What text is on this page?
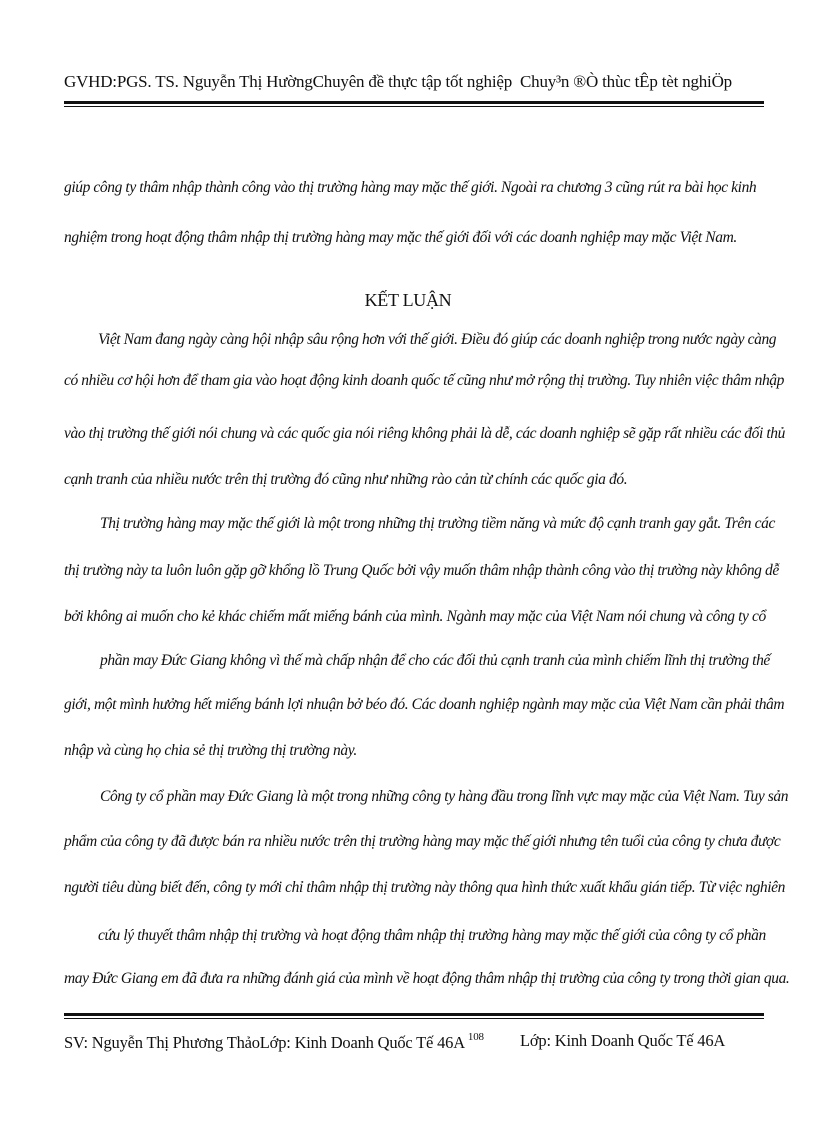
GVHD:PGS. TS. Nguyễn Thị HườngChuyên đề thực tập tốt nghiệp Chuy³n ®Ò thùc tÊp tèt nghiÖp
giúp công ty thâm nhập thành công vào thị trường hàng may mặc thế giới. Ngoài ra chương 3 cũng rút ra bài học kinh
nghiệm trong hoạt động thâm nhập thị trường hàng may mặc thế giới đối với các doanh nghiệp may mặc Việt Nam.
KẾT LUẬN
Việt Nam đang ngày càng hội nhập sâu rộng hơn với thế giới. Điều đó giúp các doanh nghiệp trong nước ngày càng
có nhiều cơ hội hơn để tham gia vào hoạt động kinh doanh quốc tế cũng như mở rộng thị trường. Tuy nhiên việc thâm nhập
vào thị trường thế giới nói chung và các quốc gia nói riêng không phải là dễ, các doanh nghiệp sẽ gặp rất nhiều các đối thủ
cạnh tranh của nhiều nước trên thị trường đó cũng như những rào cản từ chính các quốc gia đó.
Thị trường hàng may mặc thế giới là một trong những thị trường tiềm năng và mức độ cạnh tranh gay gắt. Trên các
thị trường này ta luôn luôn gặp gỡ khổng lồ Trung Quốc bởi vậy muốn thâm nhập thành công vào thị trường này không dễ
bởi không ai muốn cho kẻ khác chiếm mất miếng bánh của mình. Ngành may mặc của Việt Nam nói chung và công ty cổ
phần may Đức Giang không vì thế mà chấp nhận để cho các đối thủ cạnh tranh của mình chiếm lĩnh thị trường thế
giới, một mình hưởng hết miếng bánh lợi nhuận bở béo đó. Các doanh nghiệp ngành may mặc của Việt Nam cần phải thâm
nhập và cùng họ chia sẻ thị trường thị trường này.
Công ty cổ phần may Đức Giang là một trong những công ty hàng đầu trong lĩnh vực may mặc của Việt Nam. Tuy sản
phẩm của công ty đã được bán ra nhiều nước trên thị trường hàng may mặc thế giới nhưng tên tuổi của công ty chưa được
người tiêu dùng biết đến, công ty mới chỉ thâm nhập thị trường này thông qua hình thức xuất khẩu gián tiếp. Từ việc nghiên
cứu lý thuyết thâm nhập thị trường và hoạt động thâm nhập thị trường hàng may mặc thế giới của công ty cổ phần
may Đức Giang em đã đưa ra những đánh giá của mình về hoạt động thâm nhập thị trường của công ty trong thời gian qua.
SV: Nguyễn Thị Phương ThảoLớp: Kinh Doanh Quốc Tế 46A $^{108}$ Lớp: Kinh Doanh Quốc Tế 46A
